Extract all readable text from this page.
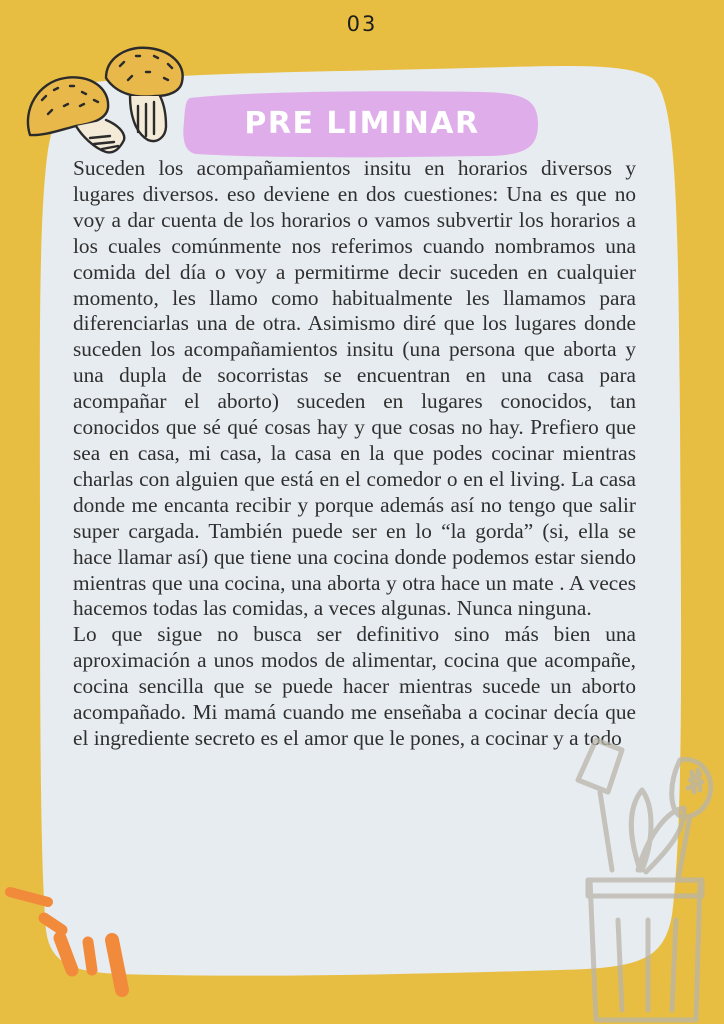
03
PRE LIMINAR

Suceden los acompañamientos insitu en horarios diversos y lugares diversos. eso deviene en dos cuestiones: Una es que no voy a dar cuenta de los horarios o vamos subvertir los horarios a los cuales comúnmente nos referimos cuando nombramos una comida del día o voy a permitirme decir suceden en cualquier momento, les llamo como habitualmente les llamamos para diferenciarlas una de otra. Asimismo diré que los lugares donde suceden los acompañamientos insitu (una persona que aborta y una dupla de socorristas se encuentran en una casa para acompañar el aborto) suceden en lugares conocidos, tan conocidos que sé qué cosas hay y que cosas no hay. Prefiero que sea en casa, mi casa, la casa en la que podes cocinar mientras charlas con alguien que está en el comedor o en el living. La casa donde me encanta recibir y porque además así no tengo que salir super cargada. También puede ser en lo “la gorda” (si, ella se hace llamar así) que tiene una cocina donde podemos estar siendo mientras que una cocina, una aborta y otra hace un mate . A veces hacemos todas las comidas, a veces algunas. Nunca ninguna.

Lo que sigue no busca ser definitivo sino más bien una aproximación a unos modos de alimentar, cocina que acompañe, cocina sencilla que se puede hacer mientras sucede un aborto acompañado. Mi mamá cuando me enseñaba a cocinar decía que el ingrediente secreto es el amor que le pones, a cocinar y a todo
